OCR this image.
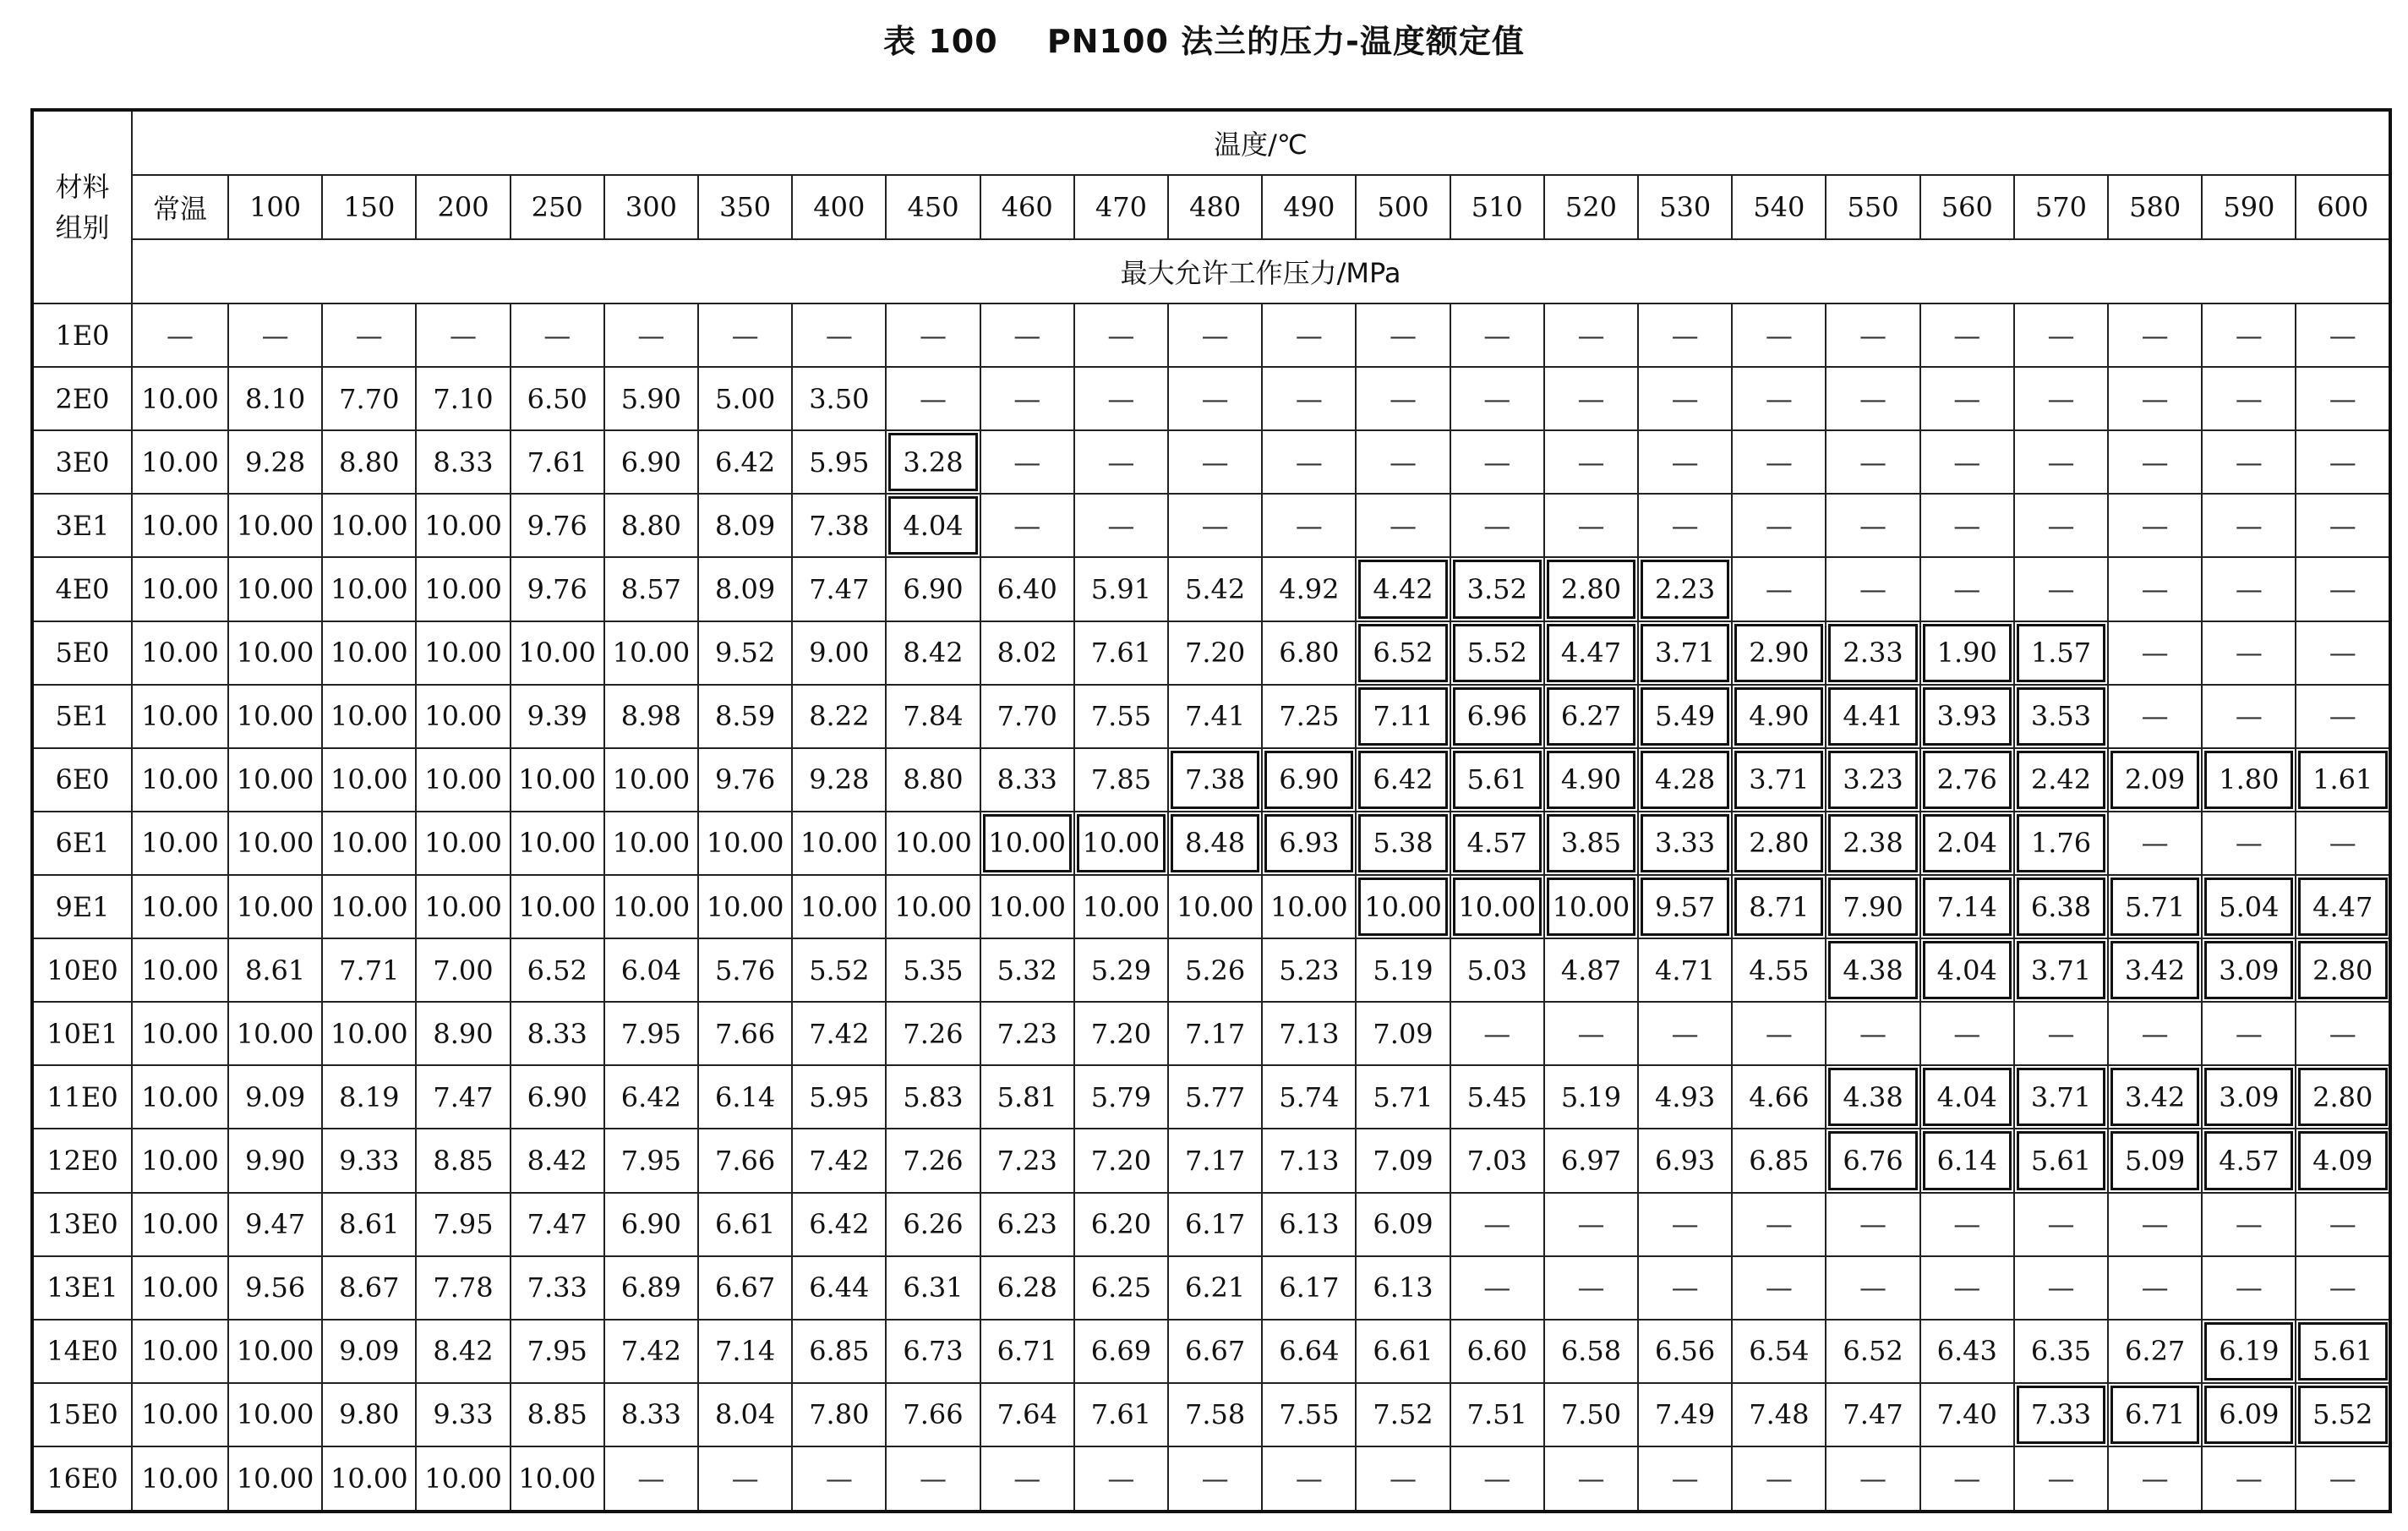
表 100 PN100 法兰的压力-温度额定值
材料组别	温度/℃																							
	常温	100	150	200	250	300	350	400	450	460	470	480	490	500	510	520	530	540	550	560	570	580	590	600
	最大允许工作压力/MPa																							
1E0	—	—	—	—	—	—	—	—	—	—	—	—	—	—	—	—	—	—	—	—	—	—	—	—
2E0	10.00	8.10	7.70	7.10	6.50	5.90	5.00	3.50	—	—	—	—	—	—	—	—	—	—	—	—	—	—	—	—
3E0	10.00	9.28	8.80	8.33	7.61	6.90	6.42	5.95	3.28	—	—	—	—	—	—	—	—	—	—	—	—	—	—	—
3E1	10.00	10.00	10.00	10.00	9.76	8.80	8.09	7.38	4.04	—	—	—	—	—	—	—	—	—	—	—	—	—	—	—
4E0	10.00	10.00	10.00	10.00	9.76	8.57	8.09	7.47	6.90	6.40	5.91	5.42	4.92	4.42	3.52	2.80	2.23	—	—	—	—	—	—	—
5E0	10.00	10.00	10.00	10.00	10.00	10.00	9.52	9.00	8.42	8.02	7.61	7.20	6.80	6.52	5.52	4.47	3.71	2.90	2.33	1.90	1.57	—	—	—
5E1	10.00	10.00	10.00	10.00	9.39	8.98	8.59	8.22	7.84	7.70	7.55	7.41	7.25	7.11	6.96	6.27	5.49	4.90	4.41	3.93	3.53	—	—	—
6E0	10.00	10.00	10.00	10.00	10.00	10.00	9.76	9.28	8.80	8.33	7.85	7.38	6.90	6.42	5.61	4.90	4.28	3.71	3.23	2.76	2.42	2.09	1.80	1.61
6E1	10.00	10.00	10.00	10.00	10.00	10.00	10.00	10.00	10.00	10.00	10.00	8.48	6.93	5.38	4.57	3.85	3.33	2.80	2.38	2.04	1.76	—	—	—
9E1	10.00	10.00	10.00	10.00	10.00	10.00	10.00	10.00	10.00	10.00	10.00	10.00	10.00	10.00	10.00	10.00	9.57	8.71	7.90	7.14	6.38	5.71	5.04	4.47
10E0	10.00	8.61	7.71	7.00	6.52	6.04	5.76	5.52	5.35	5.32	5.29	5.26	5.23	5.19	5.03	4.87	4.71	4.55	4.38	4.04	3.71	3.42	3.09	2.80
10E1	10.00	10.00	10.00	8.90	8.33	7.95	7.66	7.42	7.26	7.23	7.20	7.17	7.13	7.09	—	—	—	—	—	—	—	—	—	—
11E0	10.00	9.09	8.19	7.47	6.90	6.42	6.14	5.95	5.83	5.81	5.79	5.77	5.74	5.71	5.45	5.19	4.93	4.66	4.38	4.04	3.71	3.42	3.09	2.80
12E0	10.00	9.90	9.33	8.85	8.42	7.95	7.66	7.42	7.26	7.23	7.20	7.17	7.13	7.09	7.03	6.97	6.93	6.85	6.76	6.14	5.61	5.09	4.57	4.09
13E0	10.00	9.47	8.61	7.95	7.47	6.90	6.61	6.42	6.26	6.23	6.20	6.17	6.13	6.09	—	—	—	—	—	—	—	—	—	—
13E1	10.00	9.56	8.67	7.78	7.33	6.89	6.67	6.44	6.31	6.28	6.25	6.21	6.17	6.13	—	—	—	—	—	—	—	—	—	—
14E0	10.00	10.00	9.09	8.42	7.95	7.42	7.14	6.85	6.73	6.71	6.69	6.67	6.64	6.61	6.60	6.58	6.56	6.54	6.52	6.43	6.35	6.27	6.19	5.61
15E0	10.00	10.00	9.80	9.33	8.85	8.33	8.04	7.80	7.66	7.64	7.61	7.58	7.55	7.52	7.51	7.50	7.49	7.48	7.47	7.40	7.33	6.71	6.09	5.52
16E0	10.00	10.00	10.00	10.00	10.00	—	—	—	—	—	—	—	—	—	—	—	—	—	—	—	—	—	—	—
